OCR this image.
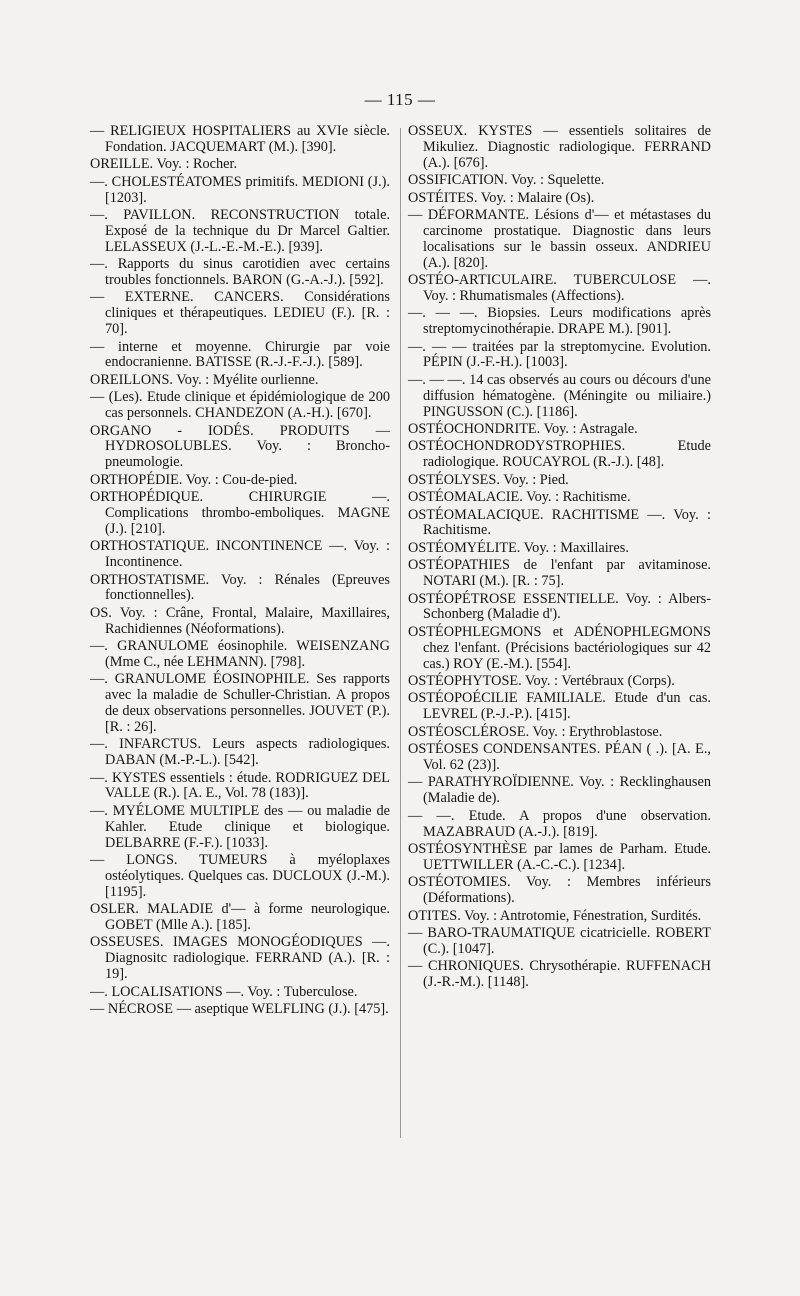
— 115 —

— RELIGIEUX HOSPITALIERS au XVIe siècle. Fondation. JACQUEMART (M.). [390].

OREILLE. Voy. : Rocher.

—. CHOLESTÉATOMES primitifs. MEDIONI (J.). [1203].

—. PAVILLON. RECONSTRUCTION totale. Exposé de la technique du Dr Marcel Galtier. LELASSEUX (J.-L.-E.-M.-E.). [939].

—. Rapports du sinus carotidien avec certains troubles fonctionnels. BARON (G.-A.-J.). [592].

— EXTERNE. CANCERS. Considérations cliniques et thérapeutiques. LEDIEU (F.). [R. : 70].

— interne et moyenne. Chirurgie par voie endocranienne. BATISSE (R.-J.-F.-J.). [589].

OREILLONS. Voy. : Myélite ourlienne.

— (Les). Etude clinique et épidémiologique de 200 cas personnels. CHANDEZON (A.-H.). [670].

ORGANO - IODÉS. PRODUITS — HYDROSOLUBLES. Voy. : Broncho-pneumologie.

ORTHOPÉDIE. Voy. : Cou-de-pied.

ORTHOPÉDIQUE. CHIRURGIE —. Complications thrombo-emboliques. MAGNE (J.). [210].

ORTHOSTATIQUE. INCONTINENCE —. Voy. : Incontinence.

ORTHOSTATISME. Voy. : Rénales (Epreuves fonctionnelles).

OS. Voy. : Crâne, Frontal, Malaire, Maxillaires, Rachidiennes (Néoformations).

—. GRANULOME éosinophile. WEISENZANG (Mme C., née LEHMANN). [798].

—. GRANULOME ÉOSINOPHILE. Ses rapports avec la maladie de Schuller-Christian. A propos de deux observations personnelles. JOUVET (P.). [R. : 26].

—. INFARCTUS. Leurs aspects radiologiques. DABAN (M.-P.-L.). [542].

—. KYSTES essentiels : étude. RODRIGUEZ DEL VALLE (R.). [A. E., Vol. 78 (183)].

—. MYÉLOME MULTIPLE des — ou maladie de Kahler. Etude clinique et biologique. DELBARRE (F.-F.). [1033].

— LONGS. TUMEURS à myéloplaxes ostéolytiques. Quelques cas. DUCLOUX (J.-M.). [1195].

OSLER. MALADIE d'— à forme neurologique. GOBET (Mlle A.). [185].

OSSEUSES. IMAGES MONOGÉODIQUES —. Diagnositc radiologique. FERRAND (A.). [R. : 19].

—. LOCALISATIONS —. Voy. : Tuberculose.

— NÉCROSE — aseptique WELFLING (J.). [475].

OSSEUX. KYSTES — essentiels solitaires de Mikuliez. Diagnostic radiologique. FERRAND (A.). [676].

OSSIFICATION. Voy. : Squelette.

OSTÉITES. Voy. : Malaire (Os).

— DÉFORMANTE. Lésions d'— et métastases du carcinome prostatique. Diagnostic dans leurs localisations sur le bassin osseux. ANDRIEU (A.). [820].

OSTÉO-ARTICULAIRE. TUBERCULOSE —. Voy. : Rhumatismales (Affections).

—. — —. Biopsies. Leurs modifications après streptomycinothérapie. DRAPE M.). [901].

—. — — traitées par la streptomycine. Evolution. PÉPIN (J.-F.-H.). [1003].

—. — —. 14 cas observés au cours ou décours d'une diffusion hématogène. (Méningite ou miliaire.) PINGUSSON (C.). [1186].

OSTÉOCHONDRITE. Voy. : Astragale.

OSTÉOCHONDRODYSTROPHIES. Etude radiologique. ROUCAYROL (R.-J.). [48].

OSTÉOLYSES. Voy. : Pied.

OSTÉOMALACIE. Voy. : Rachitisme.

OSTÉOMALACIQUE. RACHITISME —. Voy. : Rachitisme.

OSTÉOMYÉLITE. Voy. : Maxillaires.

OSTÉOPATHIES de l'enfant par avitaminose. NOTARI (M.). [R. : 75].

OSTÉOPÉTROSE ESSENTIELLE. Voy. : Albers-Schonberg (Maladie d').

OSTÉOPHLEGMONS et ADÉNOPHLEGMONS chez l'enfant. (Précisions bactériologiques sur 42 cas.) ROY (E.-M.). [554].

OSTÉOPHYTOSE. Voy. : Vertébraux (Corps).

OSTÉOPOÉCILIE FAMILIALE. Etude d'un cas. LEVREL (P.-J.-P.). [415].

OSTÉOSCLÉROSE. Voy. : Erythroblastose.

OSTÉOSES CONDENSANTES. PÉAN ( .). [A. E., Vol. 62 (23)].

— PARATHYROÏDIENNE. Voy. : Recklinghausen (Maladie de).

— —. Etude. A propos d'une observation. MAZABRAUD (A.-J.). [819].

OSTÉOSYNTHÈSE par lames de Parham. Etude. UETTWILLER (A.-C.-C.). [1234].

OSTÉOTOMIES. Voy. : Membres inférieurs (Déformations).

OTITES. Voy. : Antrotomie, Fénestration, Surdités.

— BARO-TRAUMATIQUE cicatricielle. ROBERT (C.). [1047].

— CHRONIQUES. Chrysothérapie. RUFFENACH (J.-R.-M.). [1148].
